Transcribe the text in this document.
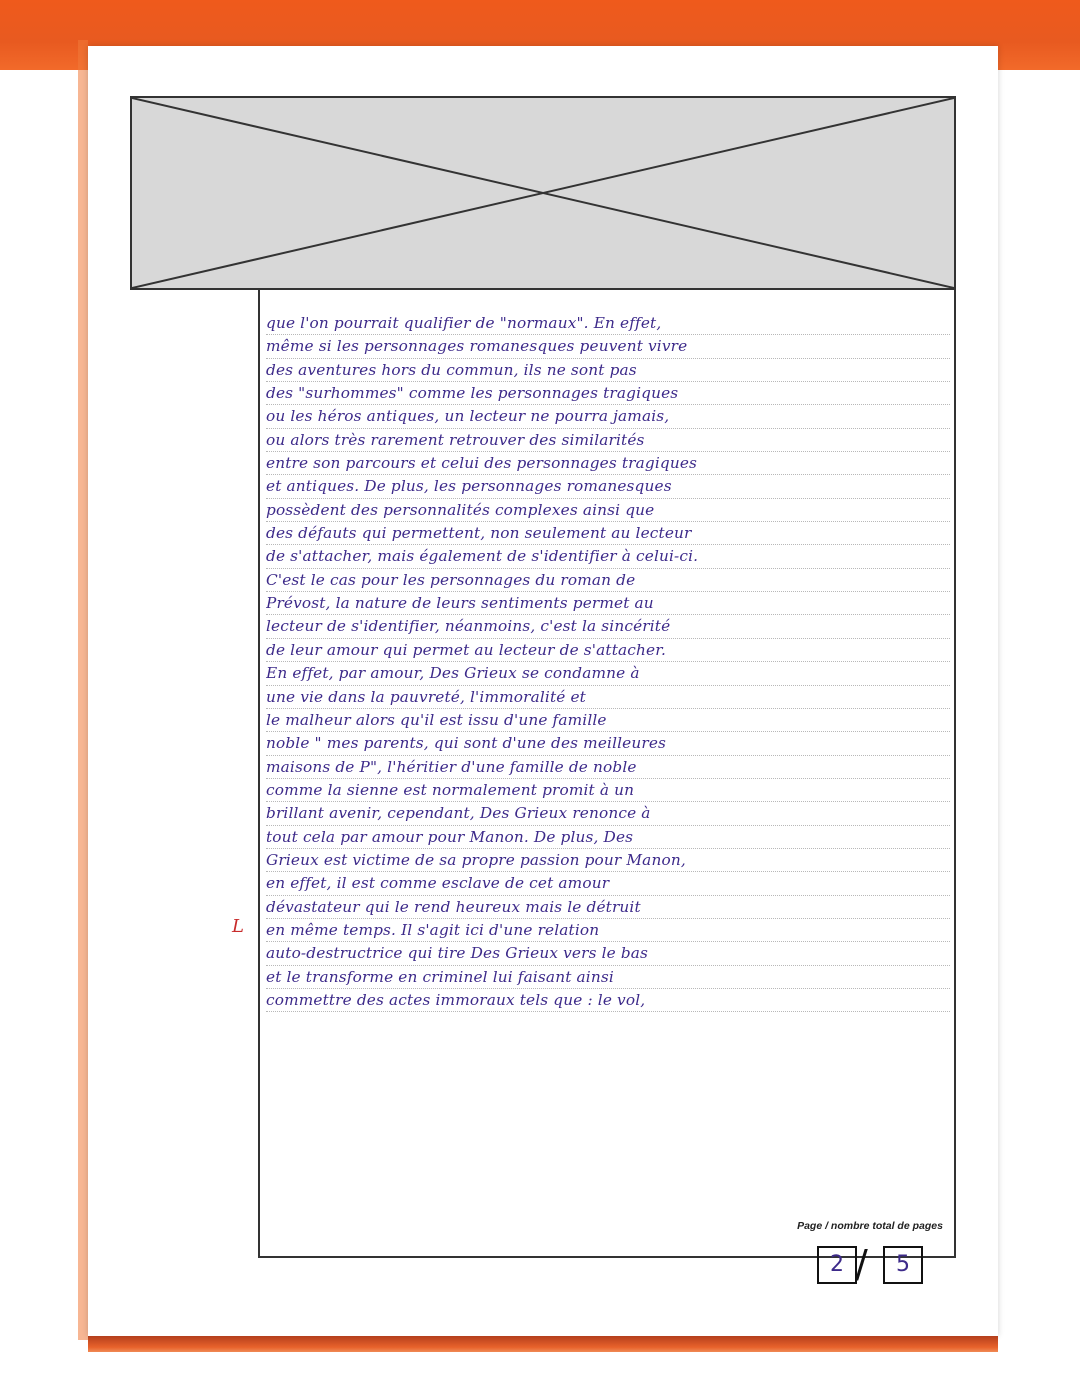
que l'on pourrait qualifier de "normaux". En effet,
même si les personnages romanesques peuvent vivre
des aventures hors du commun, ils ne sont pas
des "surhommes" comme les personnages tragiques
ou les héros antiques, un lecteur ne pourra jamais,
ou alors très rarement retrouver des similarités
entre son parcours et celui des personnages tragiques
et antiques. De plus, les personnages romanesques
possèdent des personnalités complexes ainsi que
des défauts qui permettent, non seulement au lecteur
de s'attacher, mais également de s'identifier à celui-ci.
C'est le cas pour les personnages du roman de
Prévost, la nature de leurs sentiments permet au
lecteur de s'identifier, néanmoins, c'est la sincérité
de leur amour qui permet au lecteur de s'attacher.
En effet, par amour, Des Grieux se condamne à
une vie dans la pauvreté, l'immoralité et
le malheur alors qu'il est issu d'une famille
noble " mes parents, qui sont d'une des meilleures
maisons de P", l'héritier d'une famille de noble
comme la sienne est normalement promit à un
brillant avenir, cependant, Des Grieux renonce à
tout cela par amour pour Manon. De plus, Des
Grieux est victime de sa propre passion pour Manon,
en effet, il est comme esclave de cet amour
dévastateur qui le rend heureux mais le détruit
en même temps. Il s'agit ici d'une relation
auto-destructrice qui tire Des Grieux vers le bas
et le transforme en criminel lui faisant ainsi
commettre des actes immoraux tels que : le vol,
L
Page / nombre total de pages
2 /	5
